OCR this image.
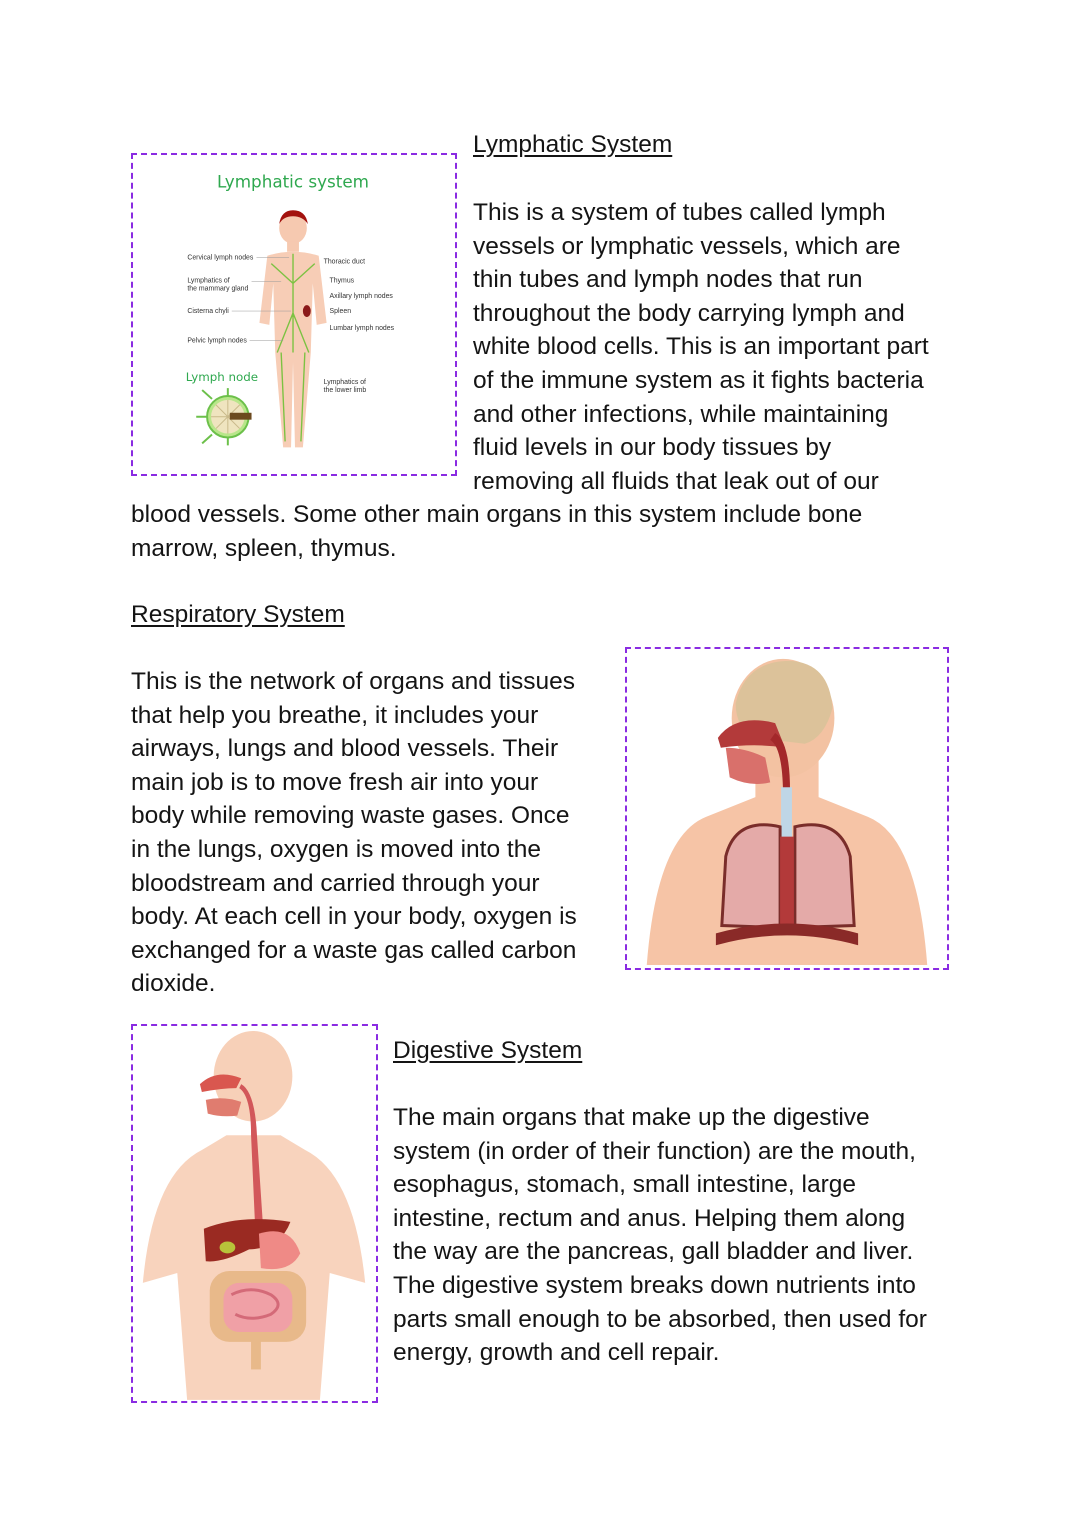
Lymphatic system
Cervical lymph nodes
Lymphatics of
the mammary gland
Cisterna chyli
Pelvic lymph nodes
Thoracic duct
Thymus
Axillary lymph nodes
Spleen
Lumbar lymph nodes
Lymphatics of
the lower limb
Lymph node
Lymphatic System
This is a system of tubes called lymph
vessels or lymphatic vessels, which are
thin tubes and lymph nodes that run
throughout the body carrying lymph and
white blood cells. This is an important part
of the immune system as it fights bacteria
and other infections, while maintaining
fluid levels in our body tissues by
removing all fluids that leak out of our
blood vessels. Some other main organs in this system include bone
marrow, spleen, thymus.
Respiratory System
This is the network of organs and tissues
that help you breathe, it includes your
airways, lungs and blood vessels. Their
main job is to move fresh air into your
body while removing waste gases. Once
in the lungs, oxygen is moved into the
bloodstream and carried through your
body. At each cell in your body, oxygen is
exchanged for a waste gas called carbon
dioxide.
Digestive System
The main organs that make up the digestive
system (in order of their function) are the mouth,
esophagus, stomach, small intestine, large
intestine, rectum and anus. Helping them along
the way are the pancreas, gall bladder and liver.
The digestive system breaks down nutrients into
parts small enough to be absorbed, then used for
energy, growth and cell repair.
